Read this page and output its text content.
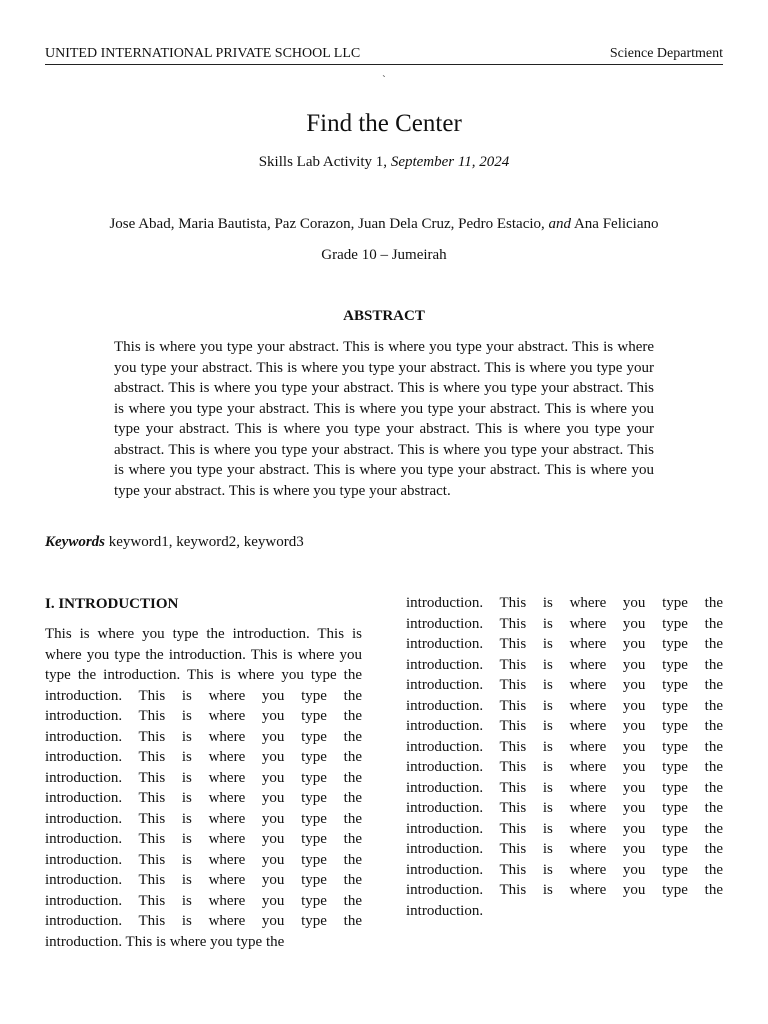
UNITED INTERNATIONAL PRIVATE SCHOOL LLC	Science Department
`
Find the Center
Skills Lab Activity 1, September 11, 2024
Jose Abad, Maria Bautista, Paz Corazon, Juan Dela Cruz, Pedro Estacio, and Ana Feliciano
Grade 10 – Jumeirah
ABSTRACT

This is where you type your abstract. This is where you type your abstract. This is where you type your abstract. This is where you type your abstract. This is where you type your abstract. This is where you type your abstract. This is where you type your abstract. This is where you type your abstract. This is where you type your abstract. This is where you type your abstract. This is where you type your abstract. This is where you type your abstract. This is where you type your abstract. This is where you type your abstract. This is where you type your abstract. This is where you type your abstract. This is where you type your abstract. This is where you type your abstract.

Keywords keyword1, keyword2, keyword3
I. INTRODUCTION

This is where you type the introduction. This is where you type the introduction. This is where you type the introduction. This is where you type the introduction. This is where you type the introduction. This is where you type the introduction. This is where you type the introduction. This is where you type the introduction. This is where you type the introduction. This is where you type the introduction. This is where you type the introduction. This is where you type the introduction. This is where you type the introduction. This is where you type the introduction. This is where you type the introduction. This is where you type the introduction. This is where you type the

introduction. This is where you type the introduction. This is where you type the introduction. This is where you type the introduction. This is where you type the introduction. This is where you type the introduction. This is where you type the introduction. This is where you type the introduction. This is where you type the introduction. This is where you type the introduction. This is where you type the introduction. This is where you type the introduction. This is where you type the introduction. This is where you type the introduction. This is where you type the introduction. This is where you type the introduction.
